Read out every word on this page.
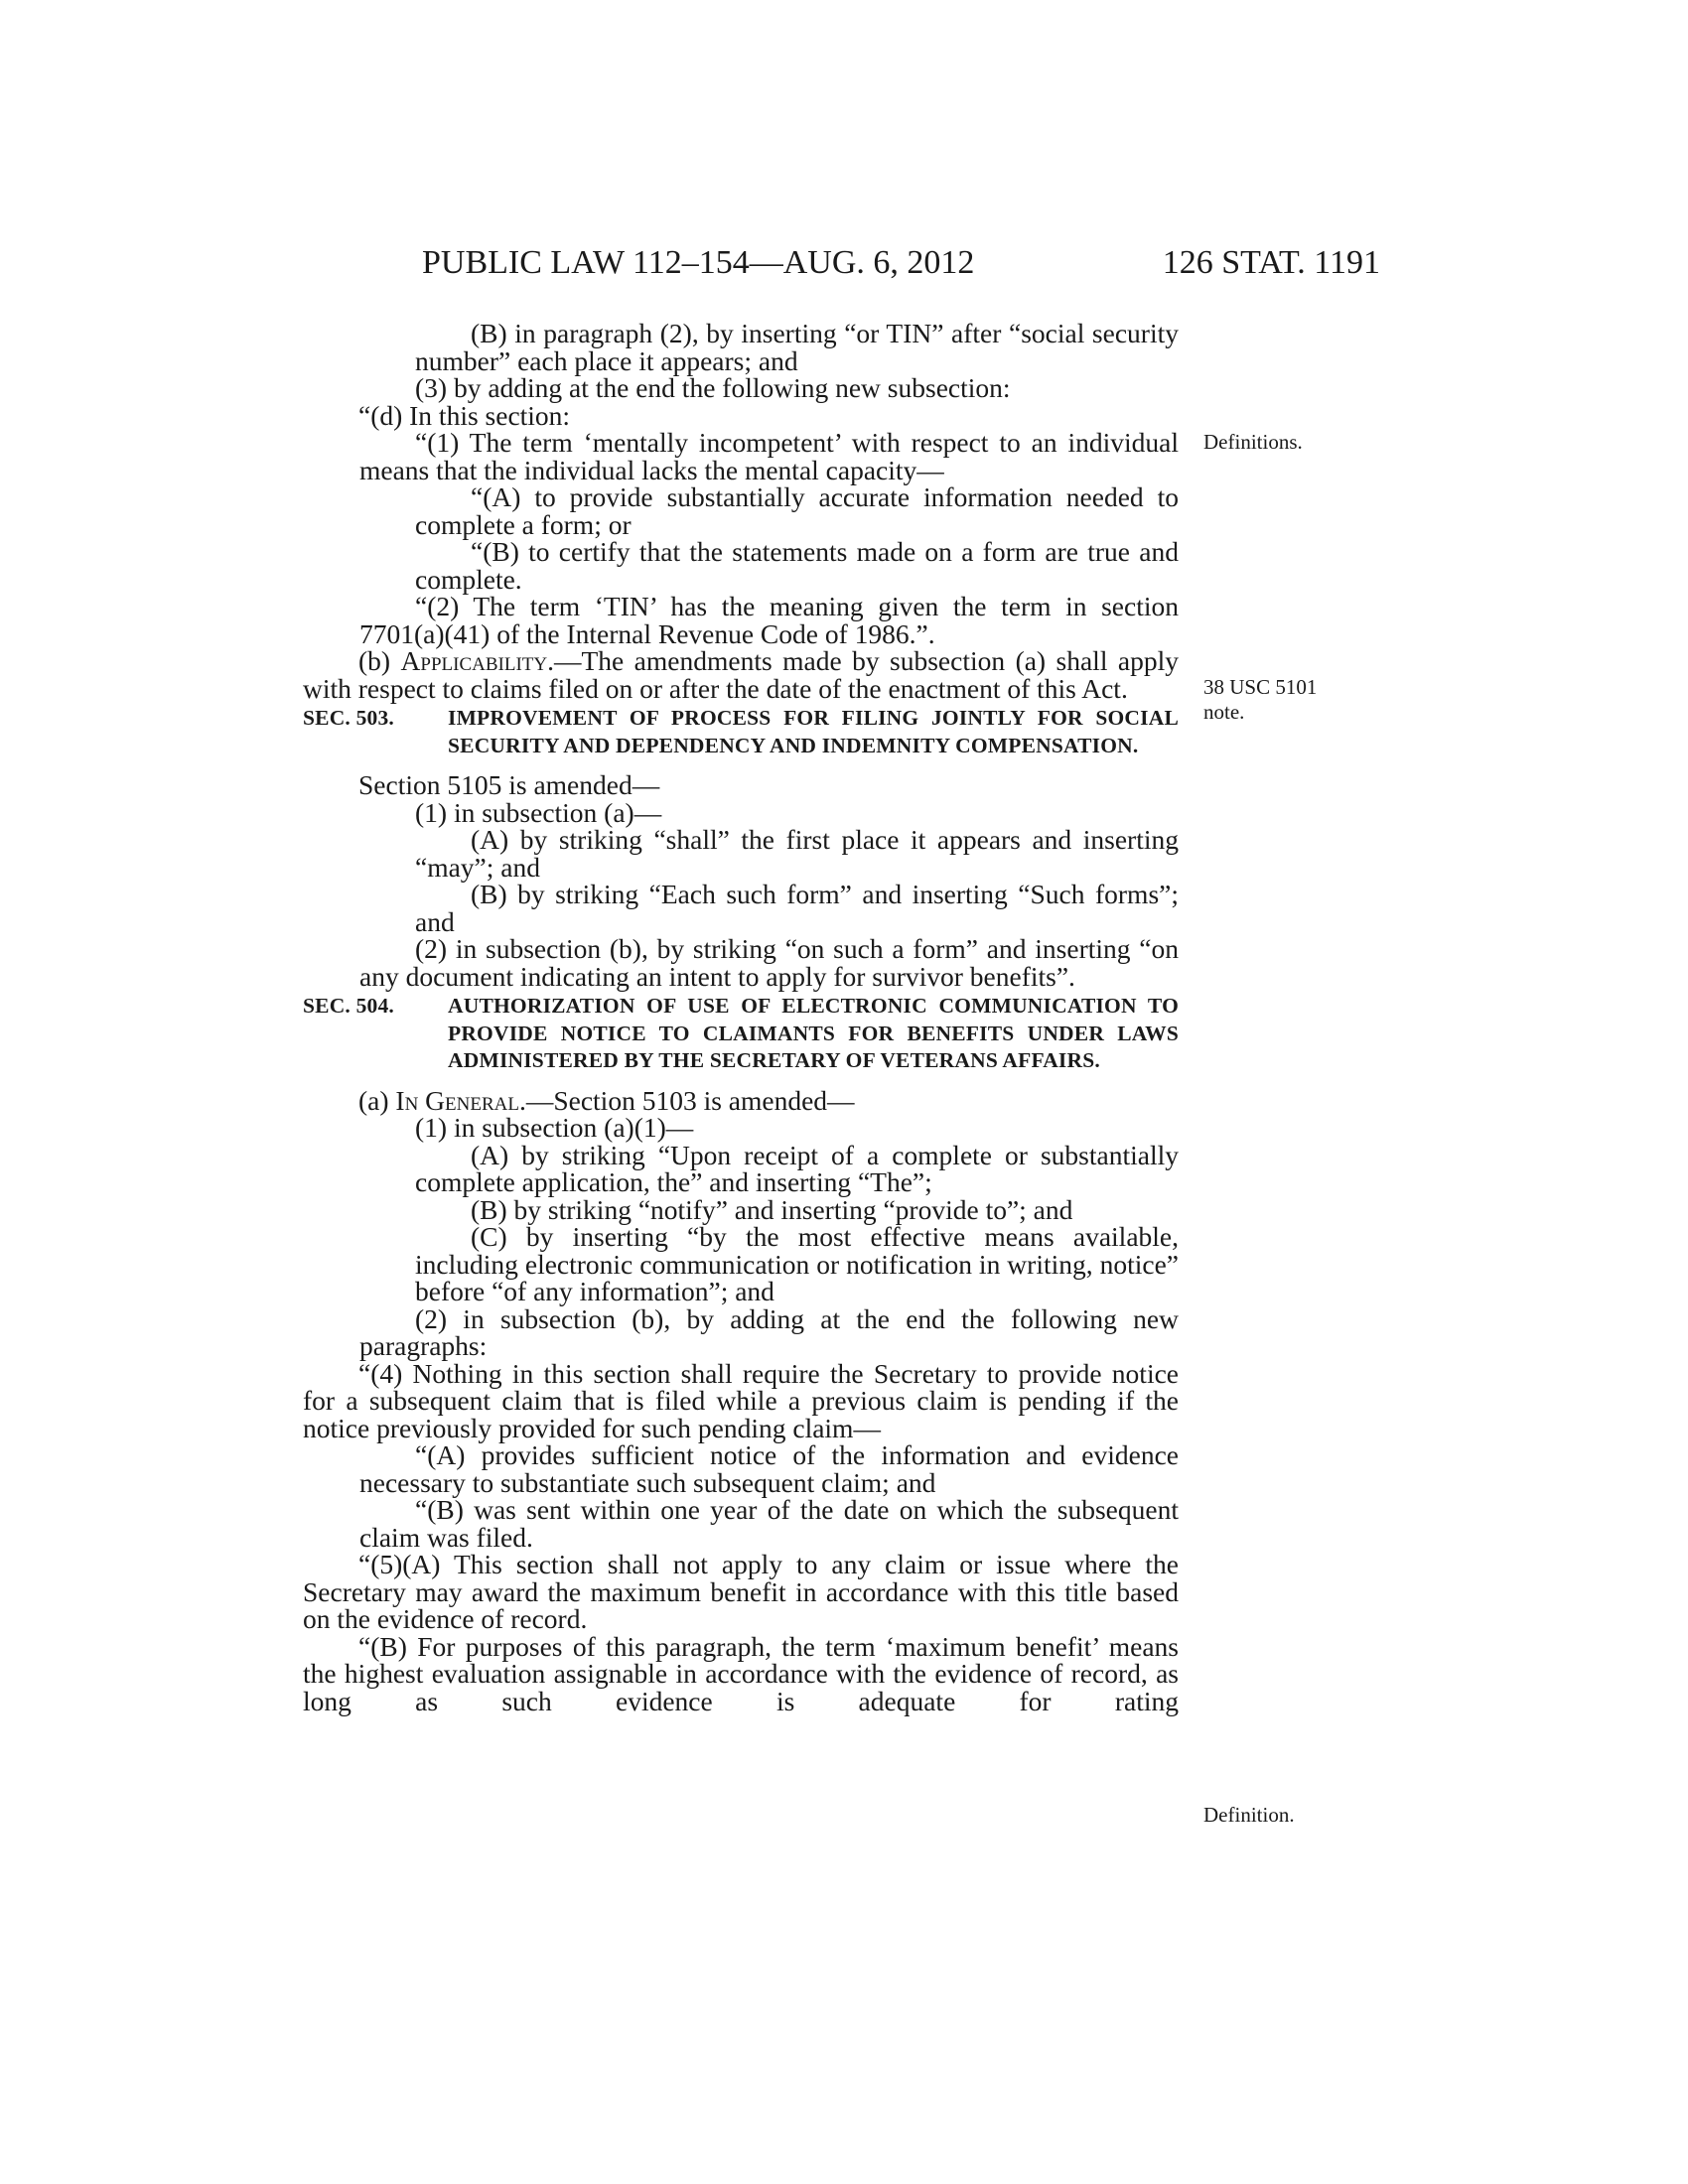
PUBLIC LAW 112–154—AUG. 6, 2012	126 STAT. 1191
Definitions.
38 USC 5101
note.
Definition.

(B) in paragraph (2), by inserting “or TIN” after “social security number” each place it appears; and

(3) by adding at the end the following new subsection:

“(d) In this section:

“(1) The term ‘mentally incompetent’ with respect to an individual means that the individual lacks the mental capacity—

“(A) to provide substantially accurate information needed to complete a form; or

“(B) to certify that the statements made on a form are true and complete.

“(2) The term ‘TIN’ has the meaning given the term in section 7701(a)(41) of the Internal Revenue Code of 1986.”.

(b) Applicability.—The amendments made by subsection (a) shall apply with respect to claims filed on or after the date of the enactment of this Act.

SEC. 503.	IMPROVEMENT OF PROCESS FOR FILING JOINTLY FOR SOCIAL SECURITY AND DEPENDENCY AND INDEMNITY COMPENSATION.

Section 5105 is amended—

(1) in subsection (a)—

(A) by striking “shall” the first place it appears and inserting “may”; and

(B) by striking “Each such form” and inserting “Such forms”; and

(2) in subsection (b), by striking “on such a form” and inserting “on any document indicating an intent to apply for survivor benefits”.

SEC. 504.	AUTHORIZATION OF USE OF ELECTRONIC COMMUNICATION TO PROVIDE NOTICE TO CLAIMANTS FOR BENEFITS UNDER LAWS ADMINISTERED BY THE SECRETARY OF VETERANS AFFAIRS.

(a) In General.—Section 5103 is amended—

(1) in subsection (a)(1)—

(A) by striking “Upon receipt of a complete or substantially complete application, the” and inserting “The”;

(B) by striking “notify” and inserting “provide to”; and

(C) by inserting “by the most effective means available, including electronic communication or notification in writing, notice” before “of any information”; and

(2) in subsection (b), by adding at the end the following new paragraphs:

“(4) Nothing in this section shall require the Secretary to provide notice for a subsequent claim that is filed while a previous claim is pending if the notice previously provided for such pending claim—

“(A) provides sufficient notice of the information and evidence necessary to substantiate such subsequent claim; and

“(B) was sent within one year of the date on which the subsequent claim was filed.

“(5)(A) This section shall not apply to any claim or issue where the Secretary may award the maximum benefit in accordance with this title based on the evidence of record.

“(B) For purposes of this paragraph, the term ‘maximum benefit’ means the highest evaluation assignable in accordance with the evidence of record, as long as such evidence is adequate for rating
